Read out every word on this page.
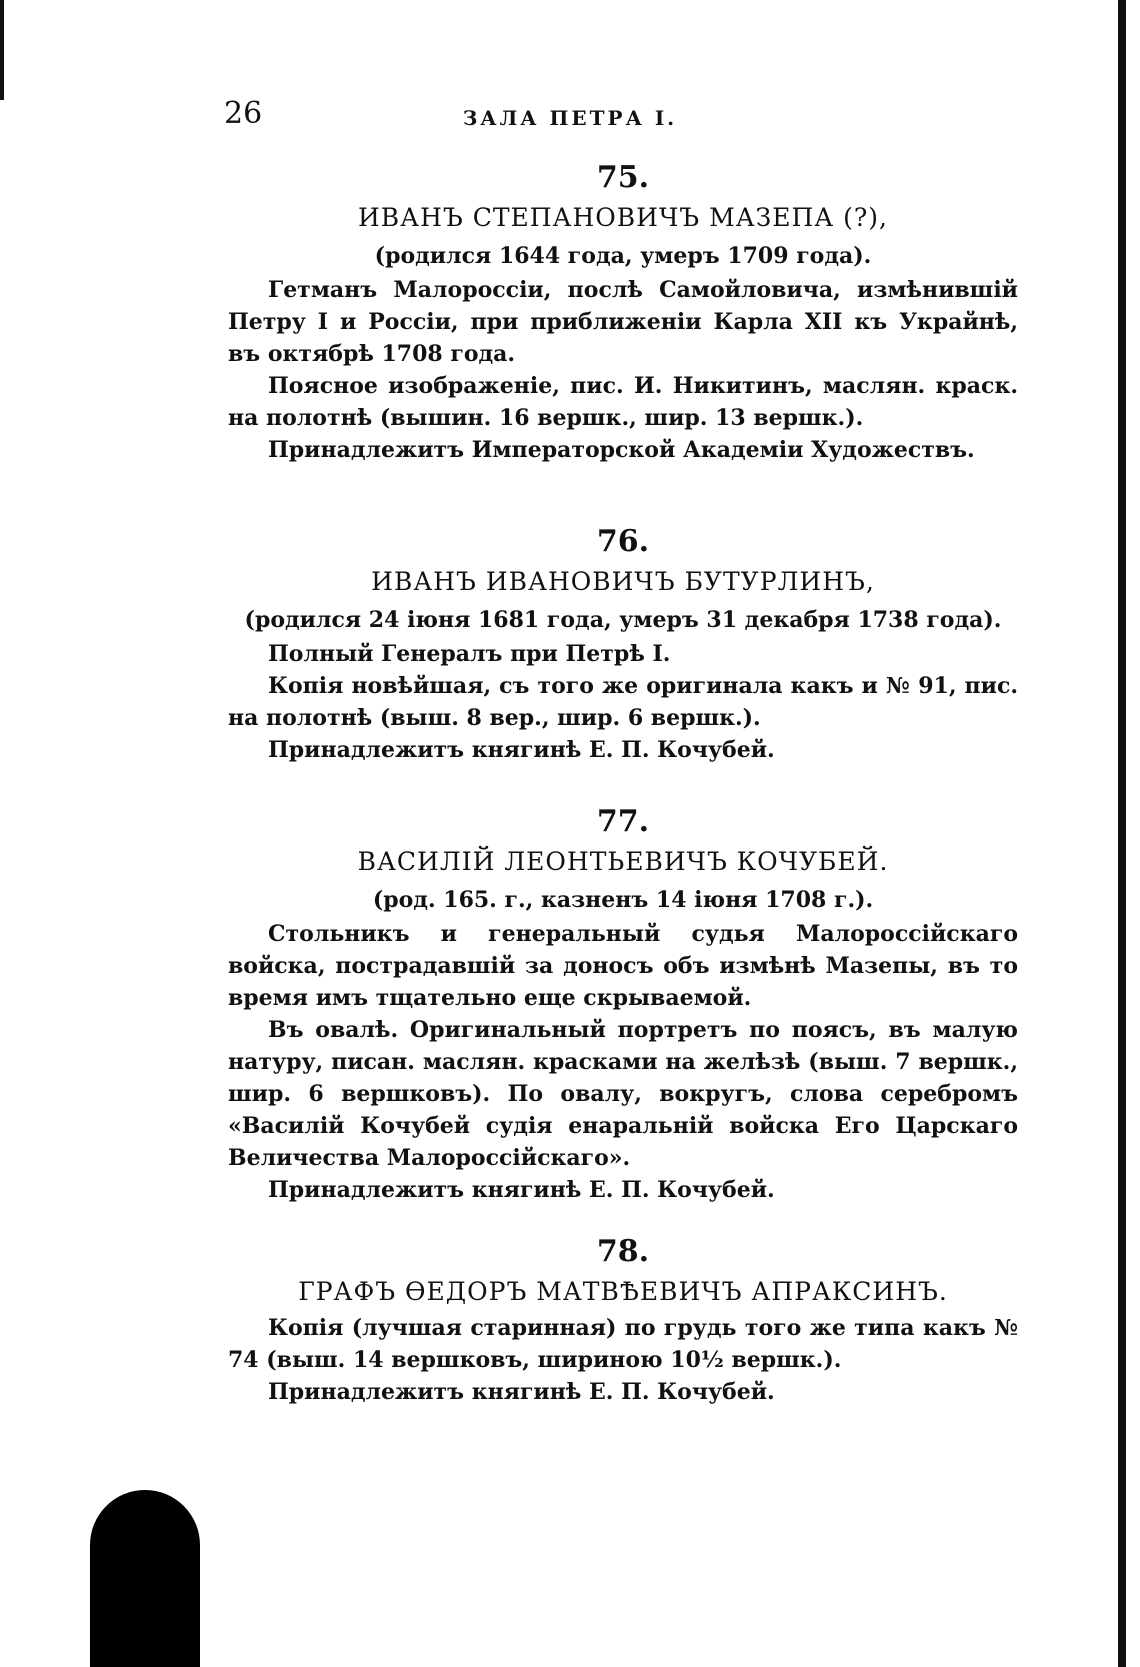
26	ЗАЛА ПЕТРА I.
75.
ИВАНЪ СТЕПАНОВИЧЪ МАЗЕПА (?),
(родился 1644 года, умеръ 1709 года).

Гетманъ Малороссіи, послѣ Самойловича, измѣнившій Петру I и Россіи, при приближеніи Карла XII къ Украйнѣ, въ октябрѣ 1708 года.

Поясное изображеніе, пис. И. Никитинъ, маслян. краск. на полотнѣ (вышин. 16 вершк., шир. 13 вершк.).

Принадлежитъ Императорской Академіи Художествъ.

76.
ИВАНЪ ИВАНОВИЧЪ БУТУРЛИНЪ,
(родился 24 іюня 1681 года, умеръ 31 декабря 1738 года).

Полный Генералъ при Петрѣ I.

Копія новѣйшая, съ того же оригинала какъ и № 91, пис. на полотнѣ (выш. 8 вер., шир. 6 вершк.).

Принадлежитъ княгинѣ Е. П. Кочубей.

77.
ВАСИЛІЙ ЛЕОНТЬЕВИЧЪ КОЧУБЕЙ.
(род. 165. г., казненъ 14 іюня 1708 г.).

Стольникъ и генеральный судья Малороссійскаго войска, пострадавшій за доносъ объ измѣнѣ Мазепы, въ то время имъ тщательно еще скрываемой.

Въ овалѣ. Оригинальный портретъ по поясъ, въ малую натуру, писан. маслян. красками на желѣзѣ (выш. 7 вершк., шир. 6 вершковъ). По овалу, вокругъ, слова серебромъ «Василій Кочубей судія енаральній войска Его Царскаго Величества Малороссійскаго».

Принадлежитъ княгинѣ Е. П. Кочубей.

78.
ГРАФЪ ѲЕДОРЪ МАТВѢЕВИЧЪ АПРАКСИНЪ.

Копія (лучшая старинная) по грудь того же типа какъ № 74 (выш. 14 вершковъ, шириною 10½ вершк.).

Принадлежитъ княгинѣ Е. П. Кочубей.
